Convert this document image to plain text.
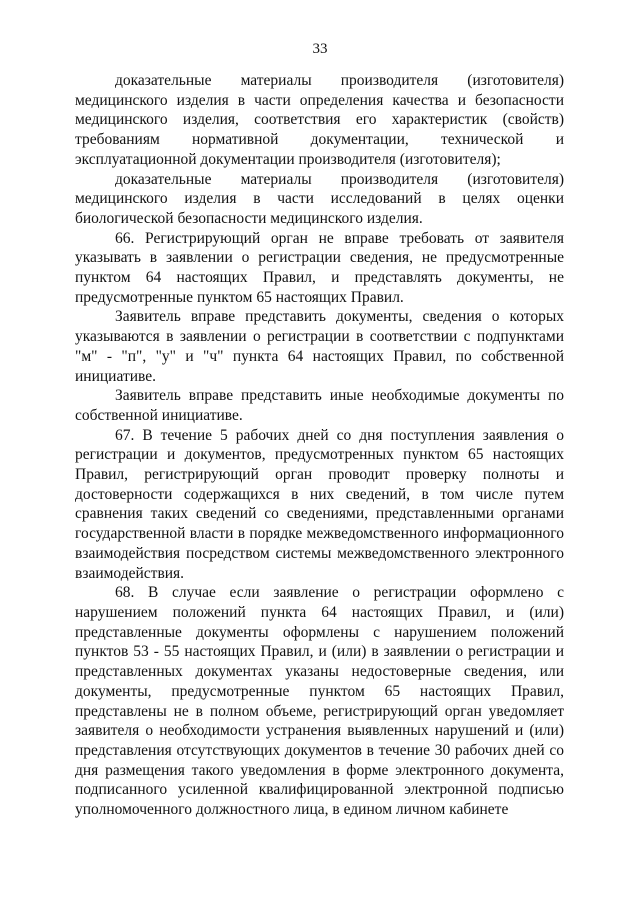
33

доказательные материалы производителя (изготовителя) медицинского изделия в части определения качества и безопасности медицинского изделия, соответствия его характеристик (свойств) требованиям нормативной документации, технической и эксплуатационной документации производителя (изготовителя);

доказательные материалы производителя (изготовителя) медицинского изделия в части исследований в целях оценки биологической безопасности медицинского изделия.

66. Регистрирующий орган не вправе требовать от заявителя указывать в заявлении о регистрации сведения, не предусмотренные пунктом 64 настоящих Правил, и представлять документы, не предусмотренные пунктом 65 настоящих Правил.

Заявитель вправе представить документы, сведения о которых указываются в заявлении о регистрации в соответствии с подпунктами "м" - "п", "у" и "ч" пункта 64 настоящих Правил, по собственной инициативе.

Заявитель вправе представить иные необходимые документы по собственной инициативе.

67. В течение 5 рабочих дней со дня поступления заявления о регистрации и документов, предусмотренных пунктом 65 настоящих Правил, регистрирующий орган проводит проверку полноты и достоверности содержащихся в них сведений, в том числе путем сравнения таких сведений со сведениями, представленными органами государственной власти в порядке межведомственного информационного взаимодействия посредством системы межведомственного электронного взаимодействия.

68. В случае если заявление о регистрации оформлено с нарушением положений пункта 64 настоящих Правил, и (или) представленные документы оформлены с нарушением положений пунктов 53 - 55 настоящих Правил, и (или) в заявлении о регистрации и представленных документах указаны недостоверные сведения, или документы, предусмотренные пунктом 65 настоящих Правил, представлены не в полном объеме, регистрирующий орган уведомляет заявителя о необходимости устранения выявленных нарушений и (или) представления отсутствующих документов в течение 30 рабочих дней со дня размещения такого уведомления в форме электронного документа, подписанного усиленной квалифицированной электронной подписью уполномоченного должностного лица, в едином личном кабинете
